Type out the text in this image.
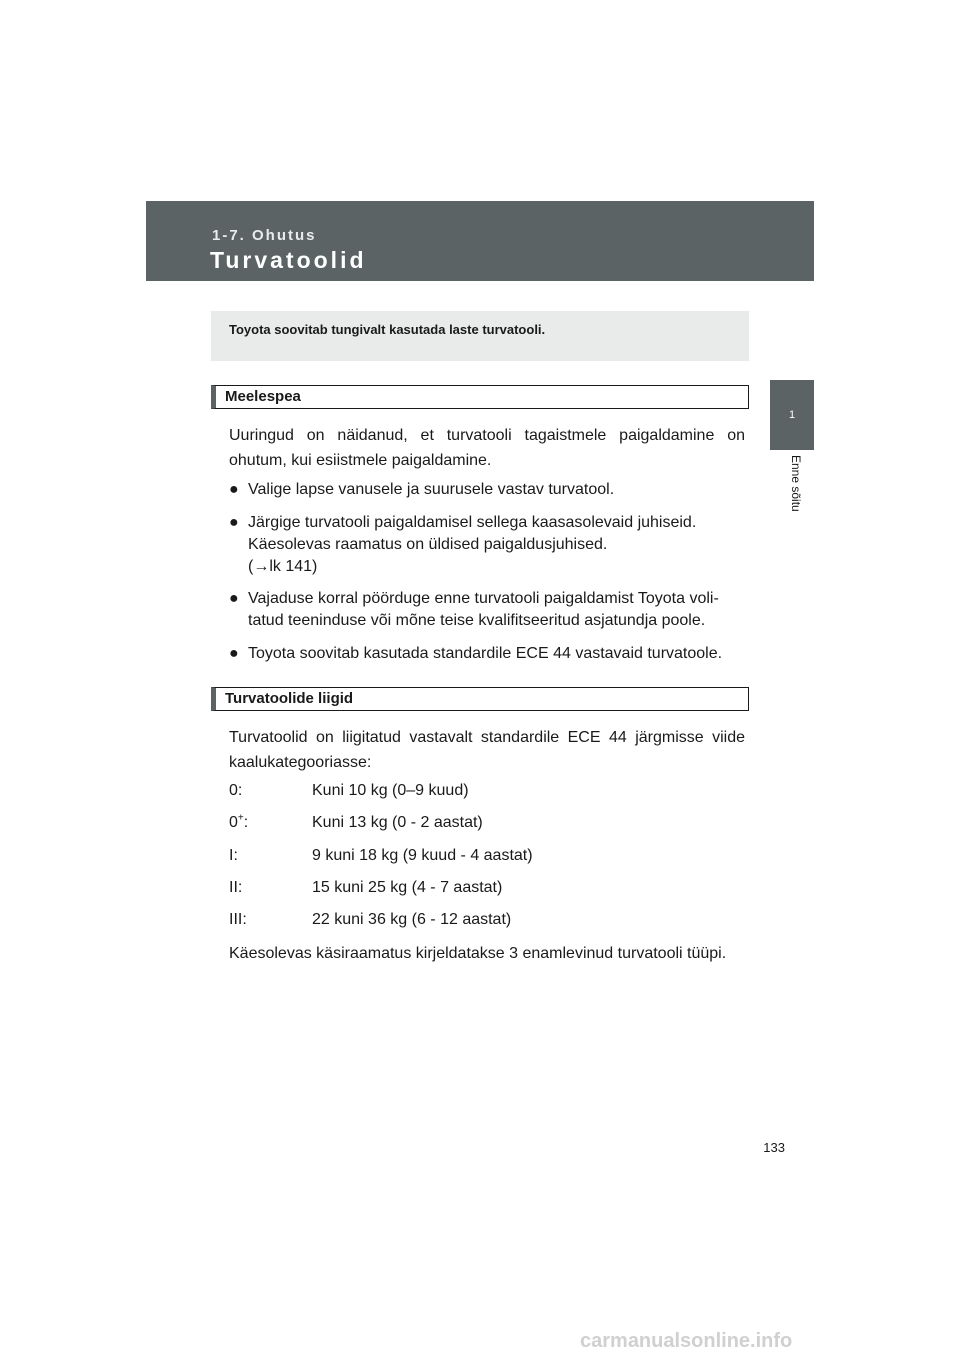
1-7. Ohutus
Turvatoolid
1
Enne sõitu
Toyota soovitab tungivalt kasutada laste turvatooli.
Meelespea
Uuringud on näidanud, et turvatooli tagaistmele paigaldamine on ohutum, kui esiistmele paigaldamine.
● Valige lapse vanusele ja suurusele vastav turvatool.
● Järgige turvatooli paigaldamisel sellega kaasasolevaid juhiseid. Käesolevas raamatus on üldised paigaldusjuhised.
(→lk 141)
● Vajaduse korral pöörduge enne turvatooli paigaldamist Toyota voli-tatud teeninduse või mõne teise kvalifitseeritud asjatundja poole.
● Toyota soovitab kasutada standardile ECE 44 vastavaid turvatoole.
Turvatoolide liigid
Turvatoolid on liigitatud vastavalt standardile ECE 44 järgmisse viide kaalukategooriasse:
0:	Kuni 10 kg (0–9 kuud)
0+:	Kuni 13 kg (0 - 2 aastat)
I:	9 kuni 18 kg (9 kuud - 4 aastat)
II:	15 kuni 25 kg (4 - 7 aastat)
III:	22 kuni 36 kg (6 - 12 aastat)
Käesolevas käsiraamatus kirjeldatakse 3 enamlevinud turvatooli tüüpi.
133
carmanualsonline.info
